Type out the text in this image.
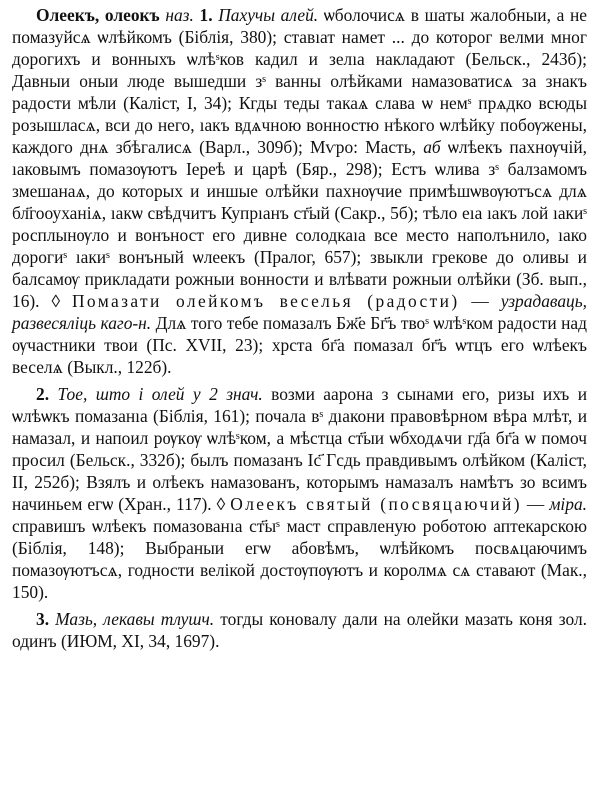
Олеекъ, олеокъ наз. 1. Пахучы алей. ѡболочисѧ в шаты жалобныи, а не помазуйсѧ ѡлѣйкомъ (Біблія, 380); ставıат намет ... до которог велми мног дорогихъ и вонныхъ ѡлѣˢков кадил и зелıа накладают (Бельск., 243б); Давныи оныи люде вышедши зˢ ванны олѣйками намазоватисѧ за знакъ радости мѣли (Каліст, І, 34); Кгды теды такаѧ слава ѡ немˢ прѧдко всюды розышласѧ, вси до него, ıакъ вдѧчною вонностю нѣкого ѡлѣйку побѹжены, каждого днѧ збѣгалисѧ (Варл., 309б); Мѵро: Масть, аб ѡлѣекъ пахнѹчій, ıаковымъ помазѹютъ Іереѣ и царѣ (Бяр., 298); Естъ ѡлива зˢ балзамомъ змешанаѧ, до которых и иншые олѣйки пахнѹчие примѣшѡвѹютъсѧ длѧ бл҃гооуханіѧ, ıакѡ свѣдчитъ Купрıанъ ст҃ый (Сакр., 5б); тѣло еıа ıакъ лой ıакиˢ росплынѹло и вонъност его дивне солодкаıа все место наполънило, ıако дорогиˢ ıакиˢ вонъный ѡлеекъ (Пралог, 657); звыкли грекове до оливы и балсамѹ прикладати рожныи вонности и влѣвати рожныи олѣйки (Зб. вып., 16). ◊ Помазати олейкомъ веселья (радости) — узрадаваць, развесяліць каго-н. Длѧ того тебе помазалъ Бж҃е Бг҃ъ твоˢ ѡлѣˢком радости над ѹчастники твои (Пс. XVII, 23); хрста бг҃а помазал бг҃ъ ѡтцъ его ѡлѣекъ веселѧ (Выкл., 122б).

2. Тое, што і олей у 2 знач. возми аарона з сынами его, ризы ихъ и ѡлѣѡкъ помазанıа (Біблія, 161); почала вˢ дıакони правовѣрном вѣра млѣт, и намазал, и напоил рѹкѹ ѡлѣˢком, а мѣстца ст҃ыи ѡбходѧчи гд҃а бг҃а ѡ помоч просил (Бельск., 332б); былъ помазанъ Іс҃ Гсдь правдивымъ олѣйком (Каліст, ІІ, 252б); Взялъ и олѣекъ намазованъ, которымъ намазалъ намѣтъ зо всимъ начиньем егѡ (Хран., 117). ◊ Олеекъ святый (посвяцаючий) — міра. справишъ ѡлѣекъ помазованıа ст҃ыˢ маст справленую роботою аптекарскою (Біблія, 148); Выбраныи егѡ абовѣмъ, ѡлѣйкомъ посвѧцаючимъ помазѹютъсѧ, годности велікой достѹпѹютъ и королмѧ сѧ ставают (Мак., 150).

3. Мазь, лекавы тлушч. тогды коновалу дали на олейки мазать коня зол. одинъ (ИЮМ, XI, 34, 1697).
